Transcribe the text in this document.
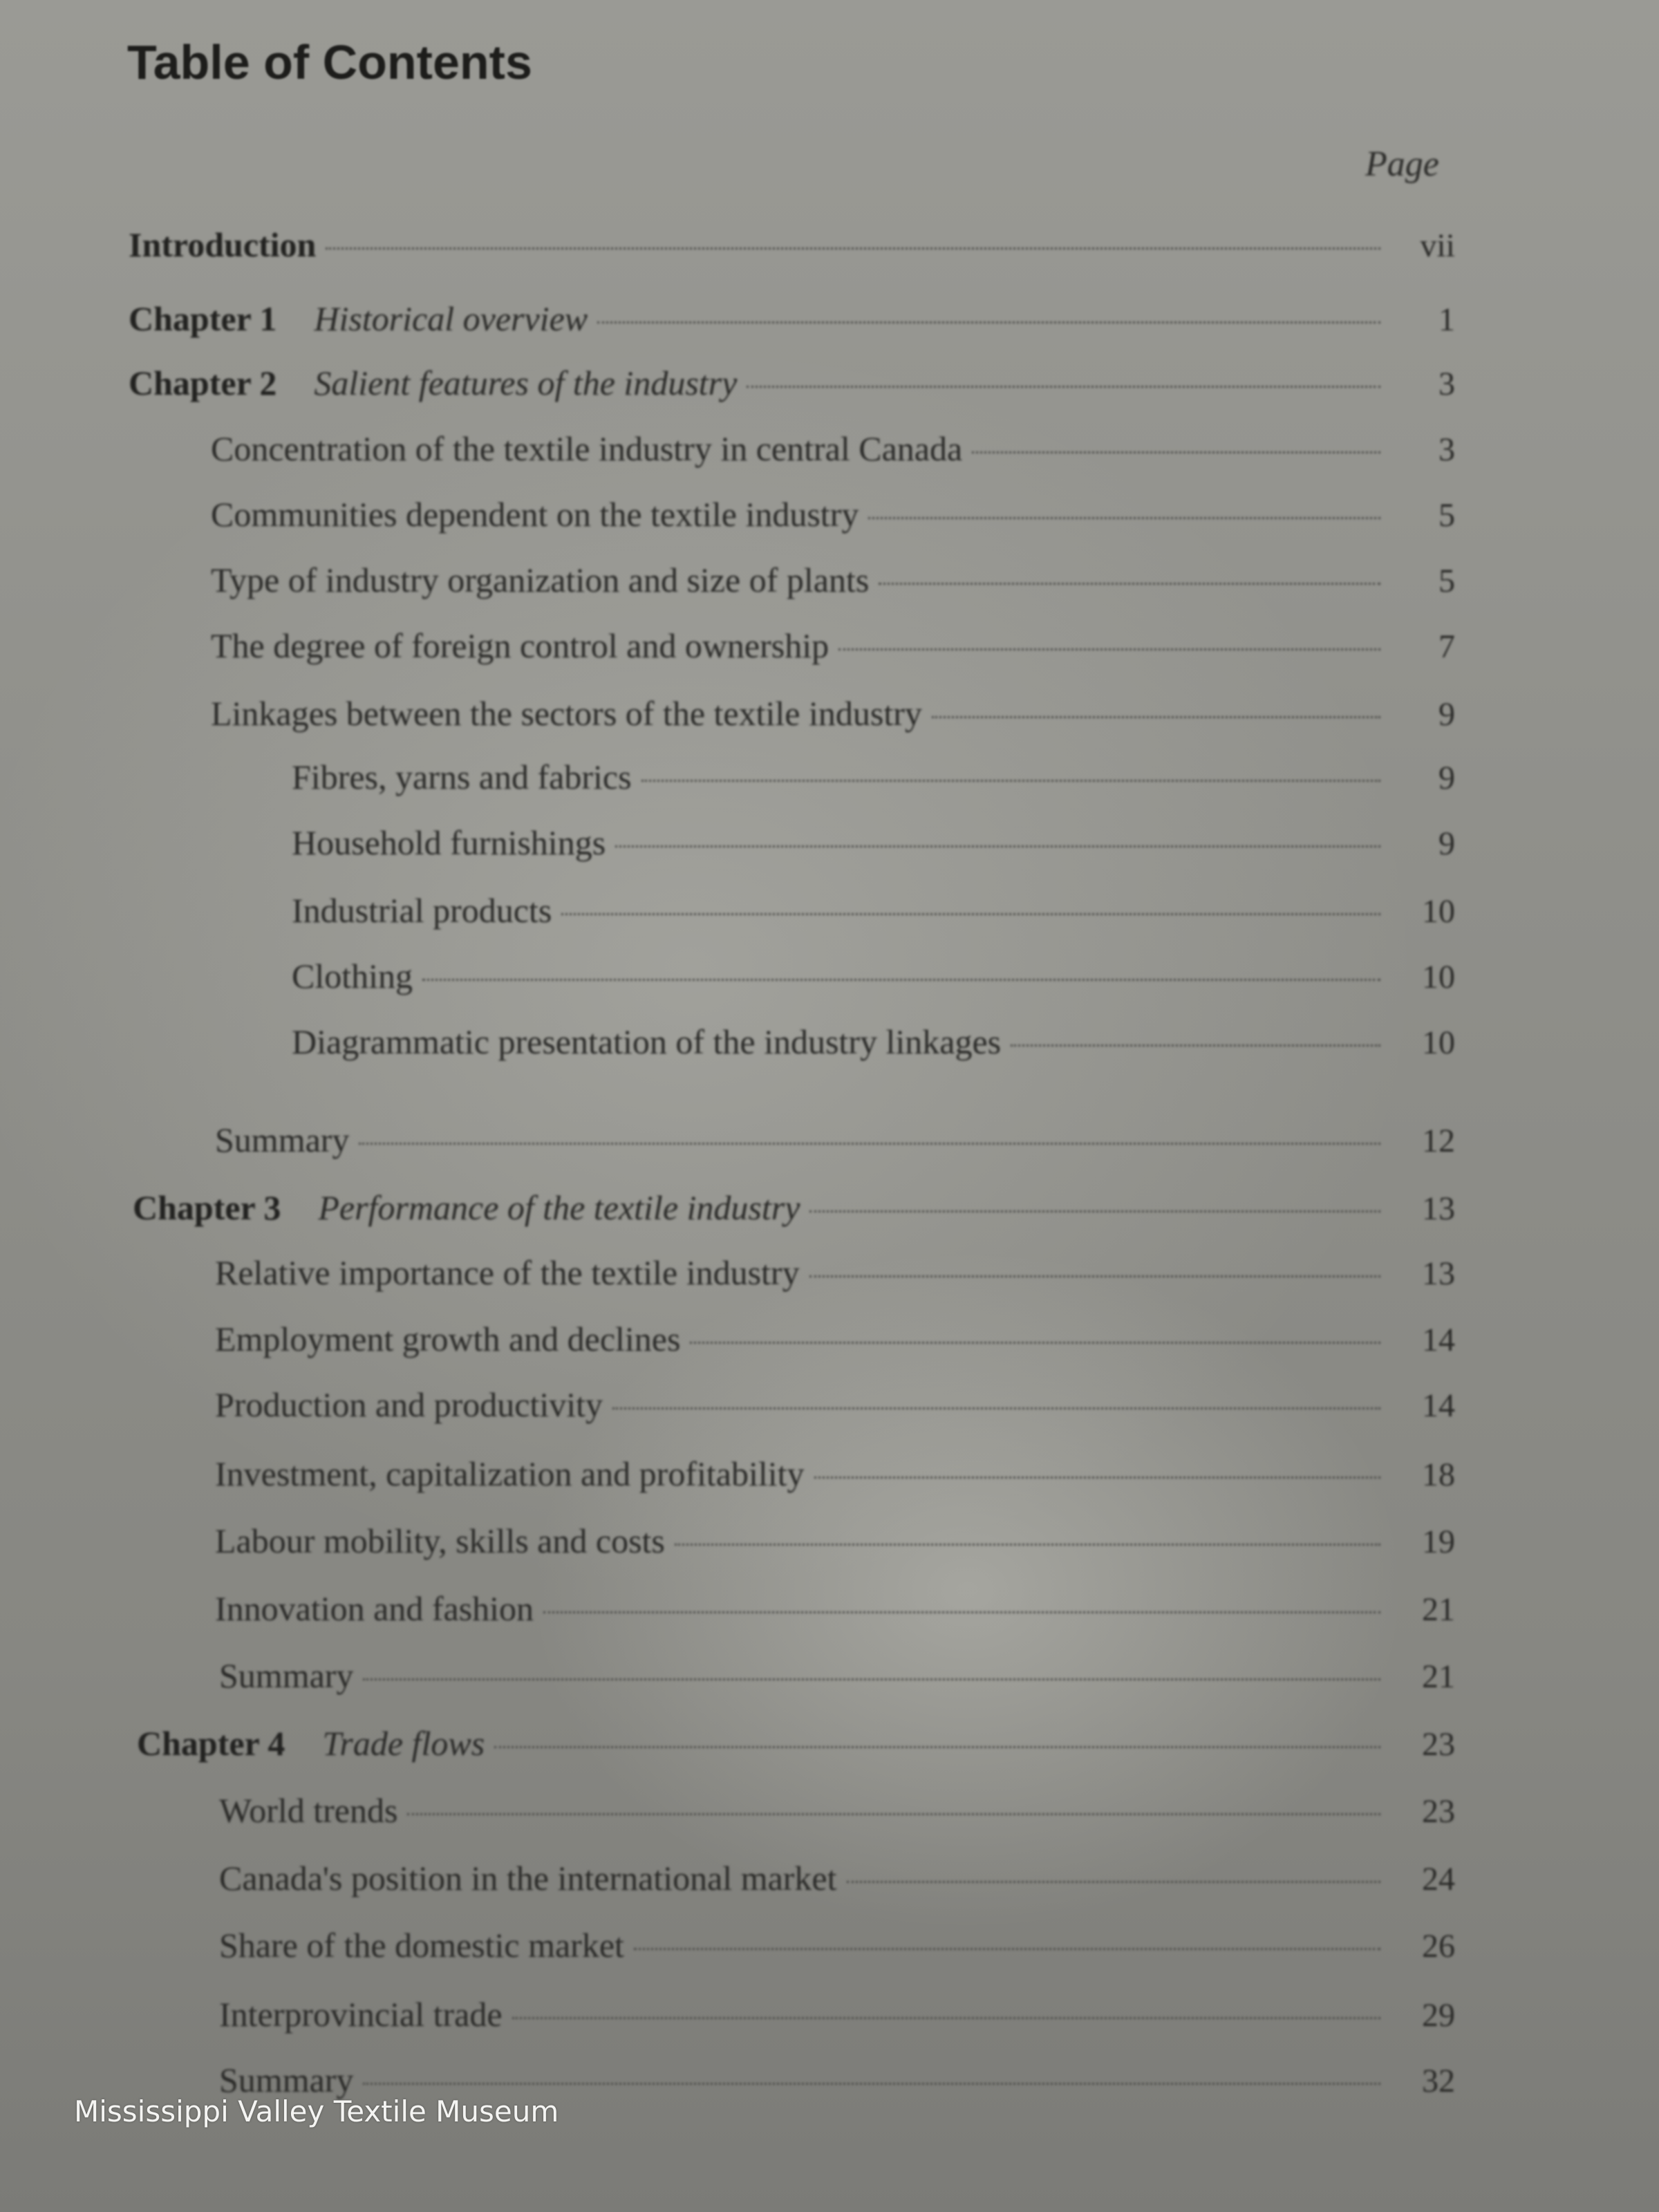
Table of Contents
Page
Introduction	vii
Chapter 1 Historical overview	1
Chapter 2 Salient features of the industry	3
Concentration of the textile industry in central Canada	3
Communities dependent on the textile industry	5
Type of industry organization and size of plants	5
The degree of foreign control and ownership	7
Linkages between the sectors of the textile industry	9
Fibres, yarns and fabrics	9
Household furnishings	9
Industrial products	10
Clothing	10
Diagrammatic presentation of the industry linkages	10
Summary	12
Chapter 3 Performance of the textile industry	13
Relative importance of the textile industry	13
Employment growth and declines	14
Production and productivity	14
Investment, capitalization and profitability	18
Labour mobility, skills and costs	19
Innovation and fashion	21
Summary	21
Chapter 4 Trade flows	23
World trends	23
Canada's position in the international market	24
Share of the domestic market	26
Interprovincial trade	29
Summary	32
Mississippi Valley Textile Museum
